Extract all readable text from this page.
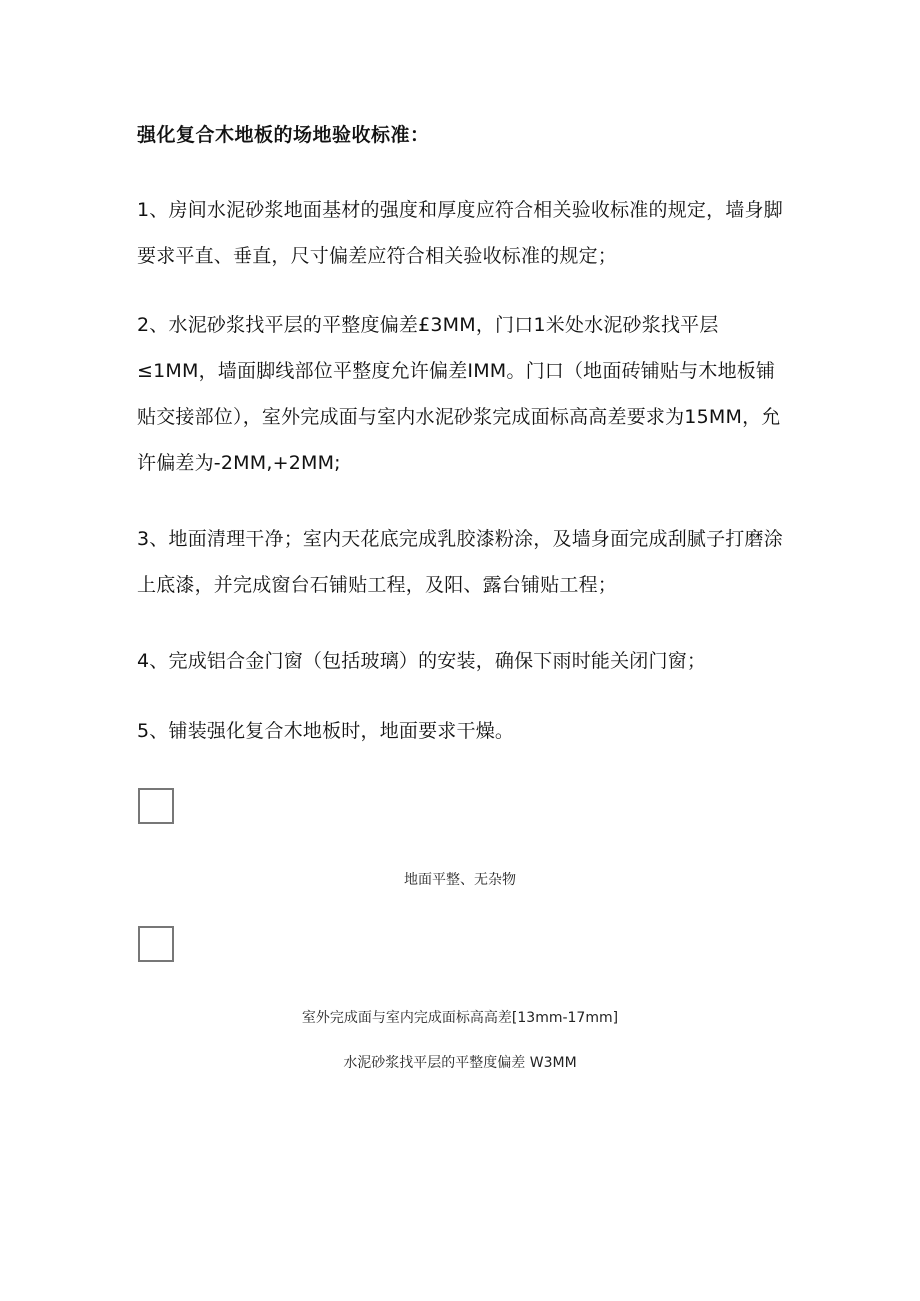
强化复合木地板的场地验收标准：

1、房间水泥砂浆地面基材的强度和厚度应符合相关验收标准的规定，墙身脚要求平直、垂直，尺寸偏差应符合相关验收标准的规定；

2、水泥砂浆找平层的平整度偏差£3MM，门口1米处水泥砂浆找平层≤1MM，墙面脚线部位平整度允许偏差IMM。门口（地面砖铺贴与木地板铺贴交接部位），室外完成面与室内水泥砂浆完成面标高高差要求为15MM，允许偏差为-2MM,+2MM;

3、地面清理干净；室内天花底完成乳胶漆粉涂，及墙身面完成刮腻子打磨涂上底漆，并完成窗台石铺贴工程，及阳、露台铺贴工程；

4、完成铝合金门窗（包括玻璃）的安装，确保下雨时能关闭门窗；

5、铺装强化复合木地板时，地面要求干燥。

地面平整、无杂物

室外完成面与室内完成面标高高差[13mm-17mm]

水泥砂浆找平层的平整度偏差 W3MM
